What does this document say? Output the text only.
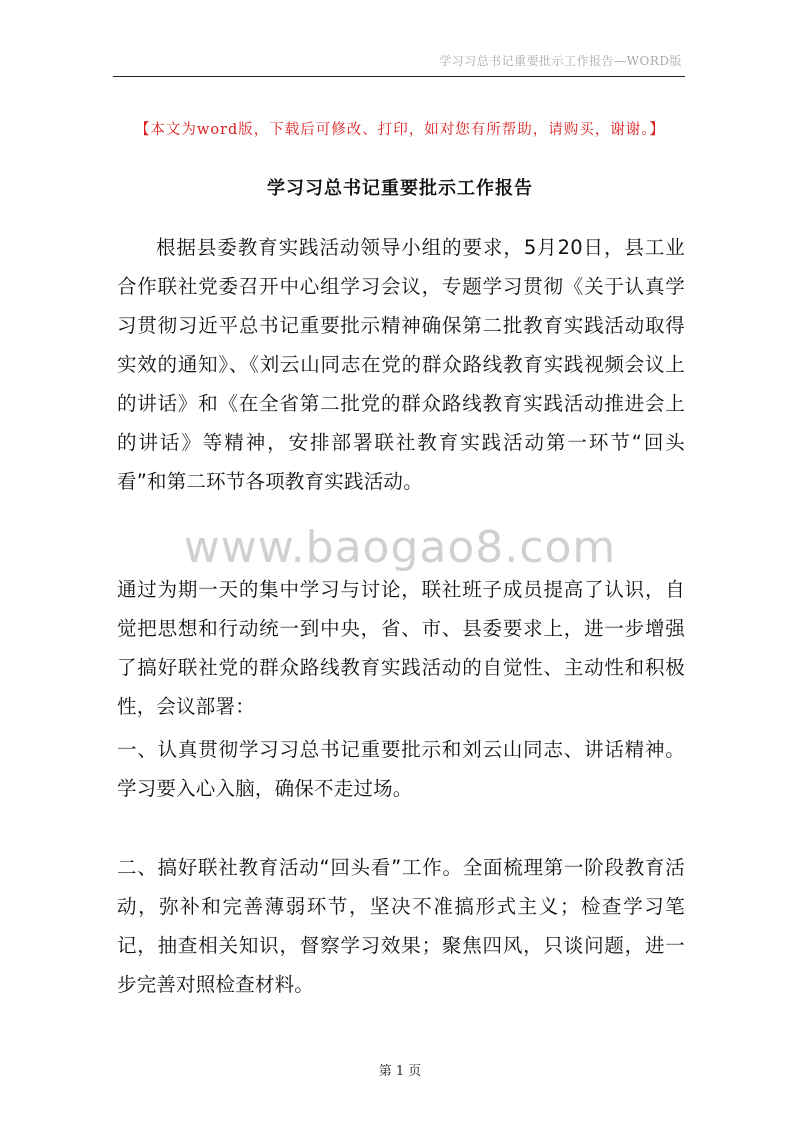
学习习总书记重要批示工作报告—WORD版
【本文为word版，下载后可修改、打印，如对您有所帮助，请购买，谢谢。】
学习习总书记重要批示工作报告

根据县委教育实践活动领导小组的要求，5月20日，县工业合作联社党委召开中心组学习会议，专题学习贯彻《关于认真学习贯彻习近平总书记重要批示精神确保第二批教育实践活动取得实效的通知》、《刘云山同志在党的群众路线教育实践视频会议上的讲话》和《在全省第二批党的群众路线教育实践活动推进会上的讲话》等精神，安排部署联社教育实践活动第一环节“回头看”和第二环节各项教育实践活动。

www.baogao8.com

通过为期一天的集中学习与讨论，联社班子成员提高了认识，自觉把思想和行动统一到中央，省、市、县委要求上，进一步增强了搞好联社党的群众路线教育实践活动的自觉性、主动性和积极性，会议部署：

一、认真贯彻学习习总书记重要批示和刘云山同志、讲话精神。学习要入心入脑，确保不走过场。

二、搞好联社教育活动“回头看”工作。全面梳理第一阶段教育活动，弥补和完善薄弱环节，坚决不准搞形式主义；检查学习笔记，抽查相关知识，督察学习效果；聚焦四风，只谈问题，进一步完善对照检查材料。

第 1 页
